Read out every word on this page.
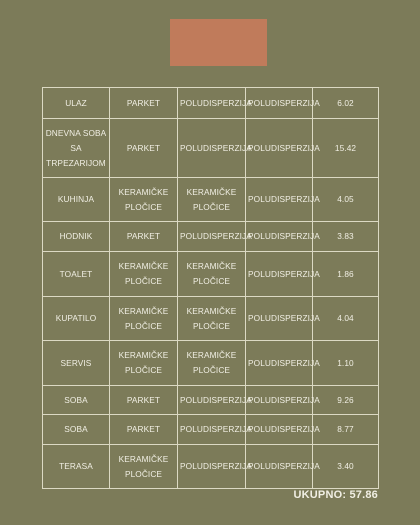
ULAZ	PARKET	POLUDISPERZIJA	POLUDISPERZIJA	6.02
DNEVNA SOBA SA TRPEZARIJOM	PARKET	POLUDISPERZIJA	POLUDISPERZIJA	15.42
KUHINJA	KERAMIČKE PLOČICE	KERAMIČKE PLOČICE	POLUDISPERZIJA	4.05
HODNIK	PARKET	POLUDISPERZIJA	POLUDISPERZIJA	3.83
TOALET	KERAMIČKE PLOČICE	KERAMIČKE PLOČICE	POLUDISPERZIJA	1.86
KUPATILO	KERAMIČKE PLOČICE	KERAMIČKE PLOČICE	POLUDISPERZIJA	4.04
SERVIS	KERAMIČKE PLOČICE	KERAMIČKE PLOČICE	POLUDISPERZIJA	1.10
SOBA	PARKET	POLUDISPERZIJA	POLUDISPERZIJA	9.26
SOBA	PARKET	POLUDISPERZIJA	POLUDISPERZIJA	8.77
TERASA	KERAMIČKE PLOČICE	POLUDISPERZIJA	POLUDISPERZIJA	3.40
UKUPNO: 57.86
